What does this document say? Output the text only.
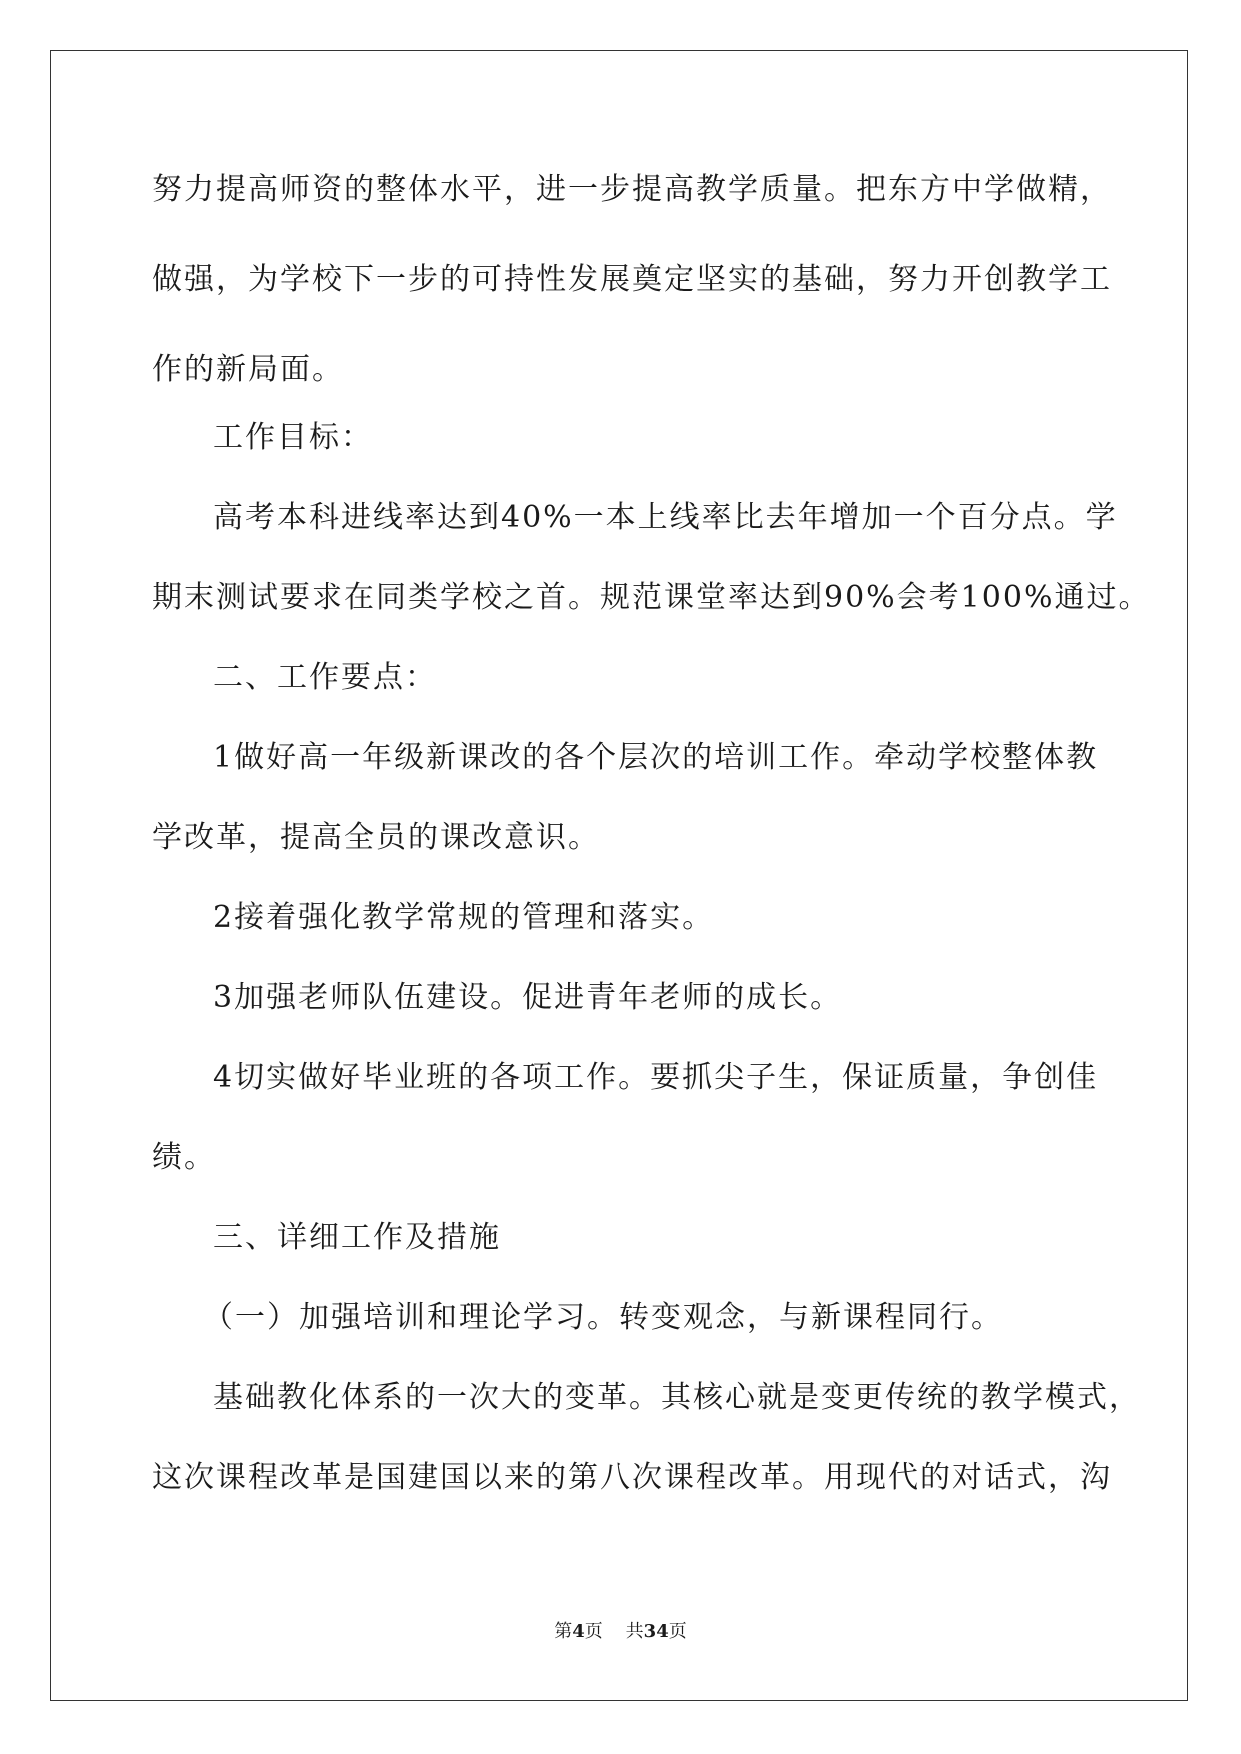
努力提高师资的整体水平，进一步提高教学质量。把东方中学做精，
做强，为学校下一步的可持性发展奠定坚实的基础，努力开创教学工
作的新局面。
工作目标：
高考本科进线率达到40%一本上线率比去年增加一个百分点。学
期末测试要求在同类学校之首。规范课堂率达到90%会考100%通过。
二、工作要点：
1做好高一年级新课改的各个层次的培训工作。牵动学校整体教
学改革，提高全员的课改意识。
2接着强化教学常规的管理和落实。
3加强老师队伍建设。促进青年老师的成长。
4切实做好毕业班的各项工作。要抓尖子生，保证质量，争创佳
绩。
三、详细工作及措施
（一）加强培训和理论学习。转变观念，与新课程同行。
基础教化体系的一次大的变革。其核心就是变更传统的教学模式，
这次课程改革是国建国以来的第八次课程改革。用现代的对话式，沟
第4页 共34页
